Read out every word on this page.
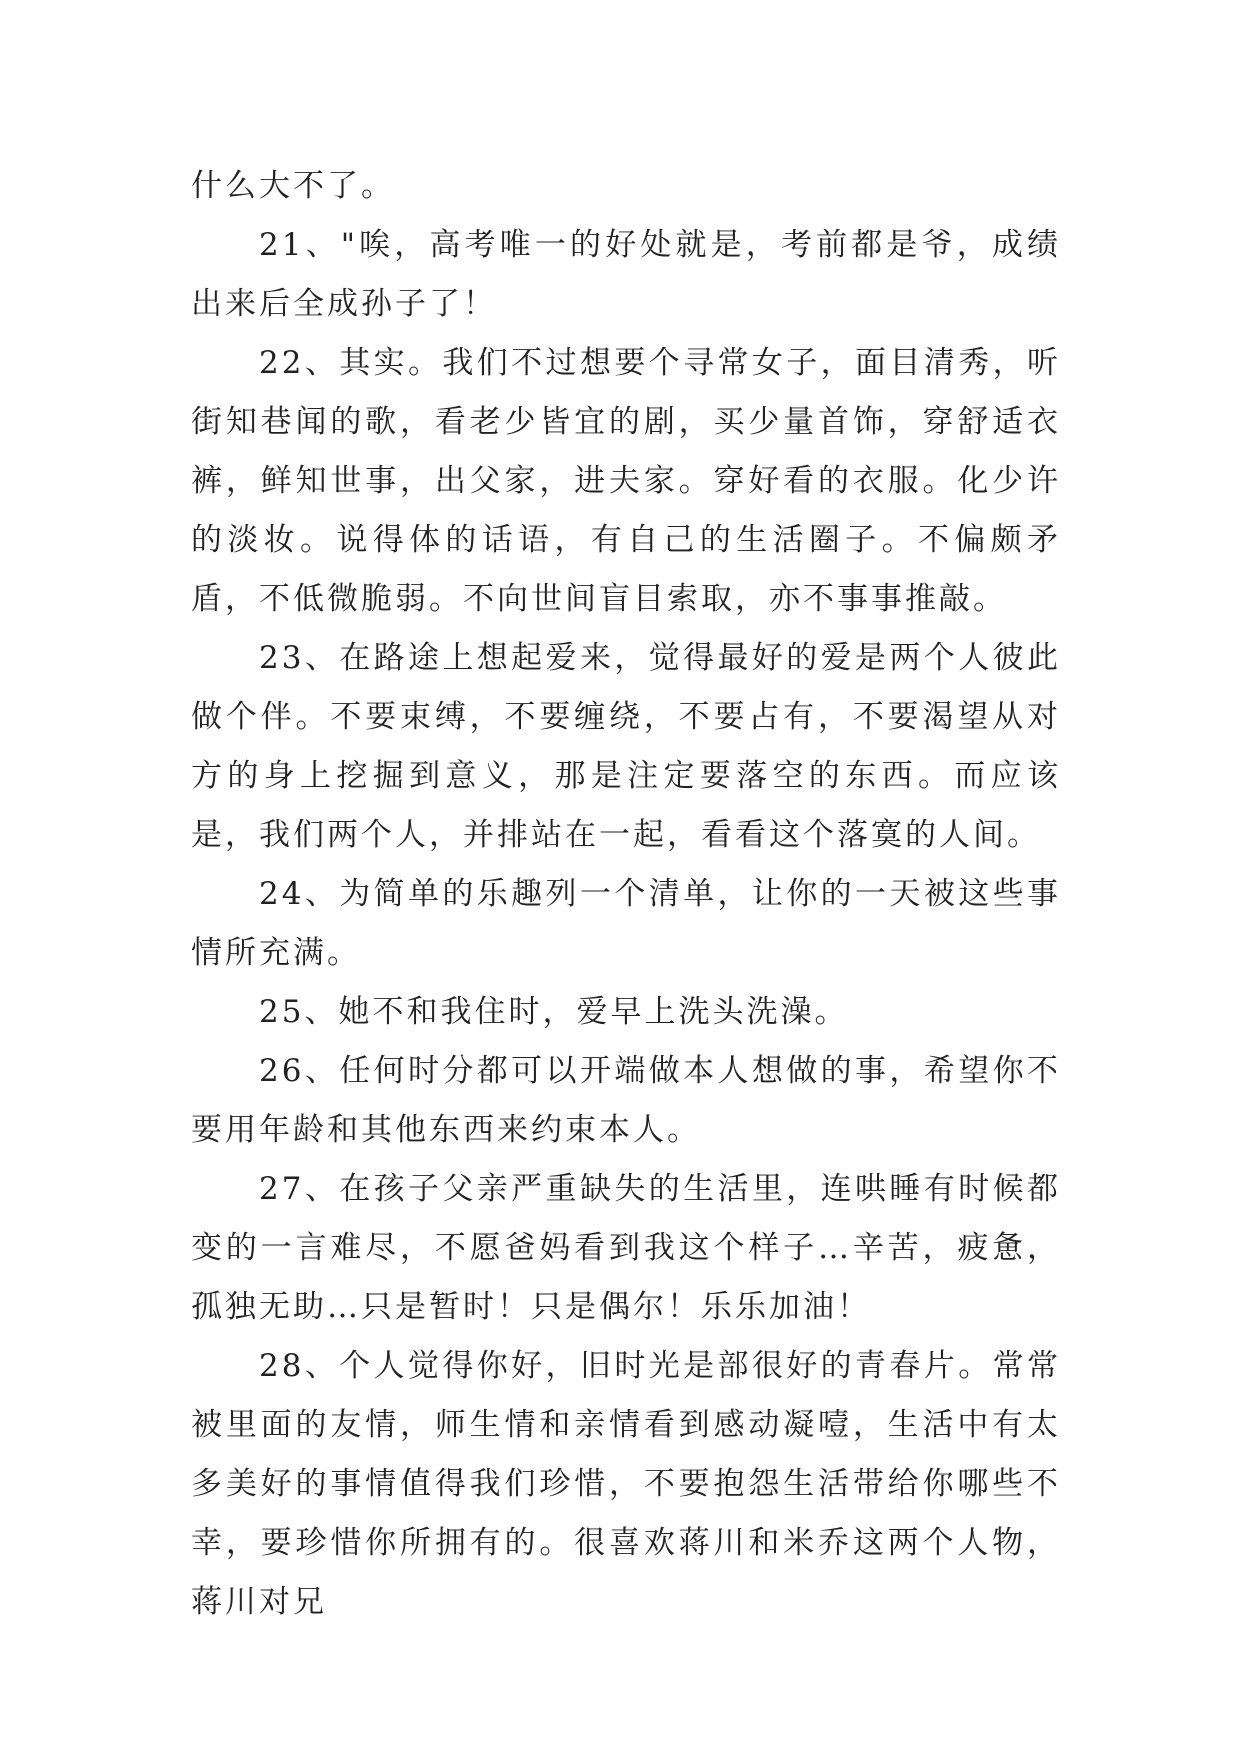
什么大不了。

21、"唉，高考唯一的好处就是，考前都是爷，成绩出来后全成孙子了！

22、其实。我们不过想要个寻常女子，面目清秀，听街知巷闻的歌，看老少皆宜的剧，买少量首饰，穿舒适衣裤，鲜知世事，出父家，进夫家。穿好看的衣服。化少许的淡妆。说得体的话语，有自己的生活圈子。不偏颇矛盾，不低微脆弱。不向世间盲目索取，亦不事事推敲。

23、在路途上想起爱来，觉得最好的爱是两个人彼此做个伴。不要束缚，不要缠绕，不要占有，不要渴望从对方的身上挖掘到意义，那是注定要落空的东西。而应该是，我们两个人，并排站在一起，看看这个落寞的人间。

24、为简单的乐趣列一个清单，让你的一天被这些事情所充满。

25、她不和我住时，爱早上洗头洗澡。

26、任何时分都可以开端做本人想做的事，希望你不要用年龄和其他东西来约束本人。

27、在孩子父亲严重缺失的生活里，连哄睡有时候都变的一言难尽，不愿爸妈看到我这个样子…辛苦，疲惫，孤独无助…只是暂时！只是偶尔！乐乐加油！

28、个人觉得你好，旧时光是部很好的青春片。常常被里面的友情，师生情和亲情看到感动凝噎，生活中有太多美好的事情值得我们珍惜，不要抱怨生活带给你哪些不幸，要珍惜你所拥有的。很喜欢蒋川和米乔这两个人物，蒋川对兄
